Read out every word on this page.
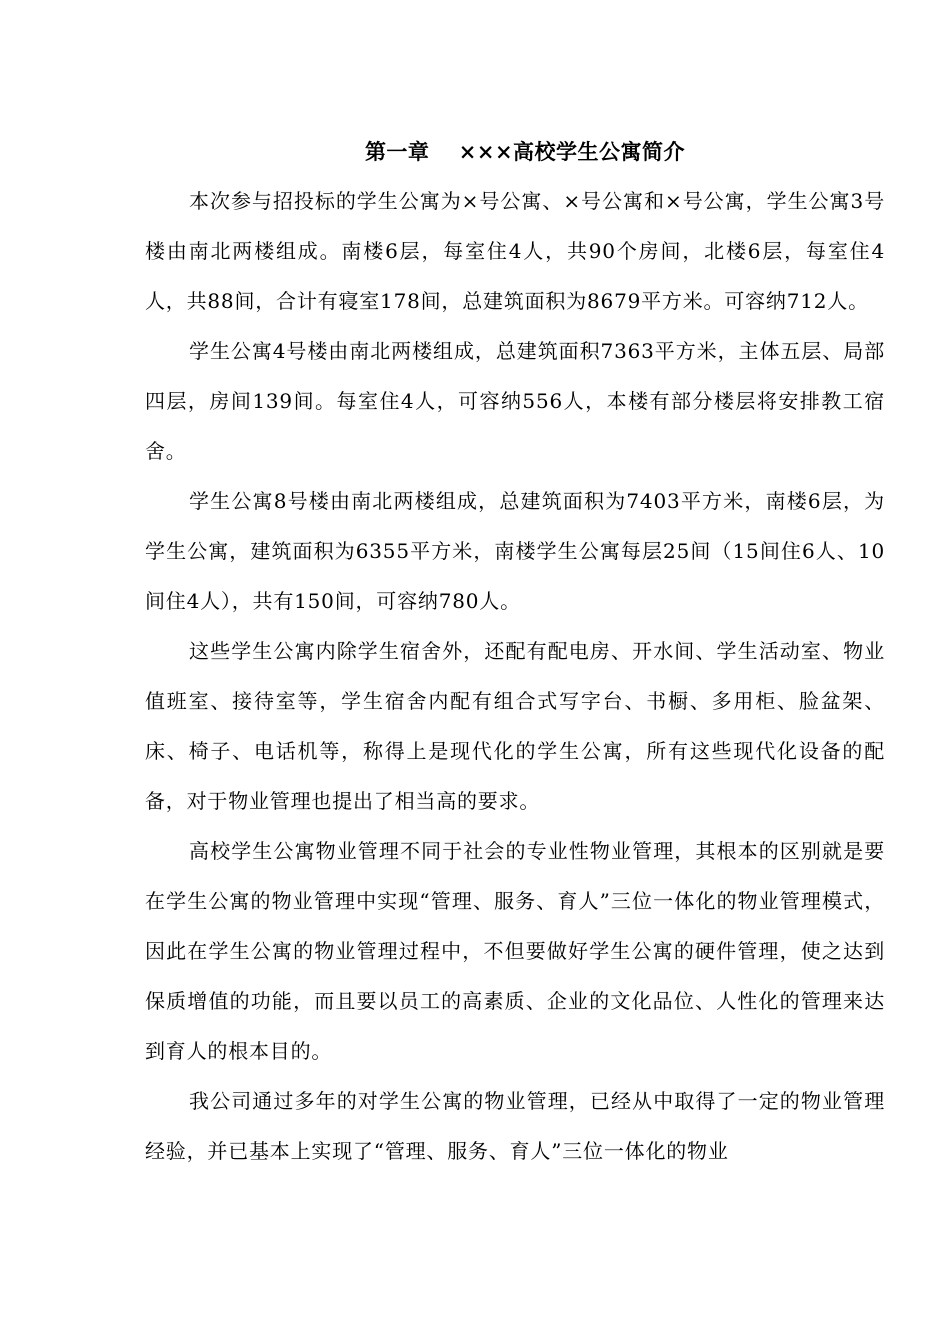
第一章　 ×××高校学生公寓简介

本次参与招投标的学生公寓为×号公寓、×号公寓和×号公寓，学生公寓3号楼由南北两楼组成。南楼6层，每室住4人，共90个房间，北楼6层，每室住4人，共88间，合计有寝室178间，总建筑面积为8679平方米。可容纳712人。

学生公寓4号楼由南北两楼组成，总建筑面积7363平方米，主体五层、局部四层，房间139间。每室住4人，可容纳556人，本楼有部分楼层将安排教工宿舍。

学生公寓8号楼由南北两楼组成，总建筑面积为7403平方米，南楼6层，为学生公寓，建筑面积为6355平方米，南楼学生公寓每层25间（15间住6人、10间住4人），共有150间，可容纳780人。

这些学生公寓内除学生宿舍外，还配有配电房、开水间、学生活动室、物业值班室、接待室等，学生宿舍内配有组合式写字台、书橱、多用柜、脸盆架、床、椅子、电话机等，称得上是现代化的学生公寓，所有这些现代化设备的配备，对于物业管理也提出了相当高的要求。

高校学生公寓物业管理不同于社会的专业性物业管理，其根本的区别就是要在学生公寓的物业管理中实现“管理、服务、育人”三位一体化的物业管理模式，因此在学生公寓的物业管理过程中，不但要做好学生公寓的硬件管理，使之达到保质增值的功能，而且要以员工的高素质、企业的文化品位、人性化的管理来达到育人的根本目的。

我公司通过多年的对学生公寓的物业管理，已经从中取得了一定的物业管理经验，并已基本上实现了“管理、服务、育人”三位一体化的物业
